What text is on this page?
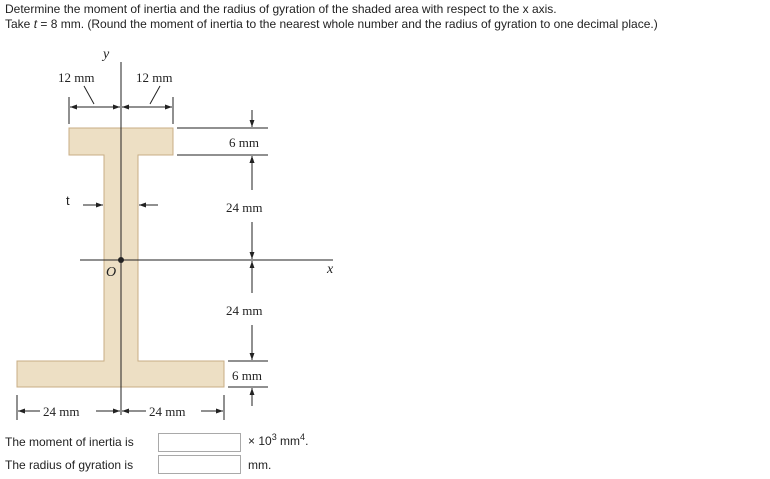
Determine the moment of inertia and the radius of gyration of the shaded area with respect to the x axis.
Take t = 8 mm. (Round the moment of inertia to the nearest whole number and the radius of gyration to one decimal place.)
y
x
O
12 mm	12 mm
t
6 mm
24 mm
24 mm
6 mm
24 mm	24 mm
The moment of inertia is	× $10^3$ $mm^4$.
The radius of gyration is	mm.
